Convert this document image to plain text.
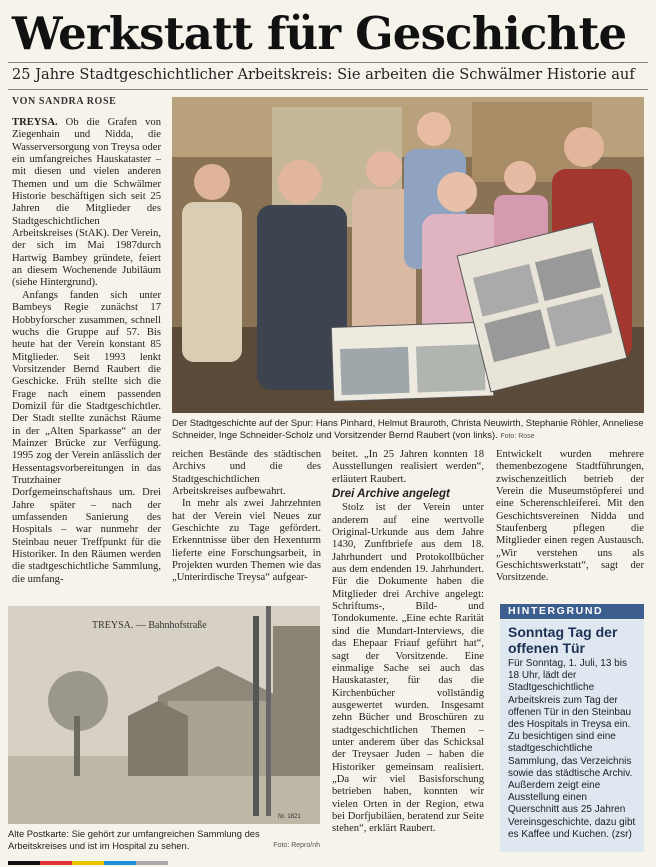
Werkstatt für Geschichte
25 Jahre Stadtgeschichtlicher Arbeitskreis: Sie arbeiten die Schwälmer Historie auf
VON SANDRA ROSE

TREYSA. Ob die Grafen von Ziegenhain und Nidda, die Wasserversorgung von Treysa oder ein umfangreiches Hauskataster – mit diesen und vielen anderen Themen und um die Schwälmer Historie beschäftigen sich seit 25 Jahren die Mitglieder des Stadtgeschichtlichen Arbeitskreises (StAK). Der Verein, der sich im Mai 1987durch Hartwig Bambey gründete, feiert an diesem Wochenende Jubiläum (siehe Hintergrund).

Anfangs fanden sich unter Bambeys Regie zunächst 17 Hobbyforscher zusammen, schnell wuchs die Gruppe auf 57. Bis heute hat der Verein konstant 85 Mitglieder. Seit 1993 lenkt Vorsitzender Bernd Raubert die Geschicke. Früh stellte sich die Frage nach einem passenden Domizil für die Stadtgeschichtler. Der Stadt stellte zunächst Räume in der „Alten Sparkasse“ an der Mainzer Brücke zur Verfügung. 1995 zog der Verein anlässlich der Hessentagsvorbereitungen in das Trutzhainer Dorfgemeinschaftshaus um. Drei Jahre später – nach der umfassenden Sanierung des Hospitals – war nunmehr der Steinbau neuer Treffpunkt für die Historiker. In den Räumen werden die stadtgeschichtliche Sammlung, die umfang-

Der Stadtgeschichte auf der Spur: Hans Pinhard, Helmut Brauroth, Christa Neuwirth, Stephanie Röhler, Anneliese Schneider, Inge Schneider-Scholz und Vorsitzender Bernd Raubert (von links). Foto: Rose

reichen Bestände des städtischen Archivs und die des Stadtgeschichtlichen Arbeitskreises aufbewahrt.

In mehr als zwei Jahrzehnten hat der Verein viel Neues zur Geschichte zu Tage gefördert. Erkenntnisse über den Hexenturm lieferte eine Forschungsarbeit, in Projekten wurden Themen wie das „Unterirdische Treysa“ aufgear-

beitet. „In 25 Jahren konnten 18 Ausstellungen realisiert werden“, erläutert Raubert.

Drei Archive angelegt

Stolz ist der Verein unter anderem auf eine wertvolle Original-Urkunde aus dem Jahre 1430, Zunftbriefe aus dem 18. Jahrhundert und Protokollbücher aus dem endenden 19. Jahrhundert. Für die Dokumente haben die Mitglieder drei Archive angelegt: Schriftums-, Bild- und Tondokumente. „Eine echte Rarität sind die Mundart-Interviews, die das Ehepaar Friauf geführt hat“, sagt der Vorsitzende. Eine einmalige Sache sei auch das Hauskataster, für das die Kirchenbücher vollständig ausgewertet wurden. Insgesamt zehn Bücher und Broschüren zu stadtgeschichtlichen Themen – unter anderem über das Schicksal der Treysaer Juden – haben die Historiker gemeinsam realisiert. „Da wir viel Basisforschung betrieben haben, konnten wir vielen Orten in der Region, etwa bei Dorfjubiläen, beratend zur Seite stehen“, erklärt Raubert.

Entwickelt wurden mehrere themenbezogene Stadtführungen, zwischenzeitlich betrieb der Verein die Museumstöpferei und eine Scherenschleiferei. Mit den Geschichtsvereinen Nidda und Staufenberg pflegen die Mitglieder einen regen Austausch. „Wir verstehen uns als Geschichtswerkstatt“, sagt der Vorsitzende.

TREYSA. — Bahnhofstraße
Nr. 1821
Alte Postkarte: Sie gehört zur umfangreichen Sammlung des Arbeitskreises und ist im Hospital zu sehen.	Foto: Repro/nh
HINTERGRUND
Sonntag Tag der offenen Tür

Für Sonntag, 1. Juli, 13 bis 18 Uhr, lädt der Stadtgeschichtliche Arbeitskreis zum Tag der offenen Tür in den Steinbau des Hospitals in Treysa ein. Zu besichtigen sind eine stadtgeschichtliche Sammlung, das Verzeichnis sowie das städtische Archiv. Außerdem zeigt eine Ausstellung einen Querschnitt aus 25 Jahren Vereinsgeschichte, dazu gibt es Kaffee und Kuchen. (zsr)
